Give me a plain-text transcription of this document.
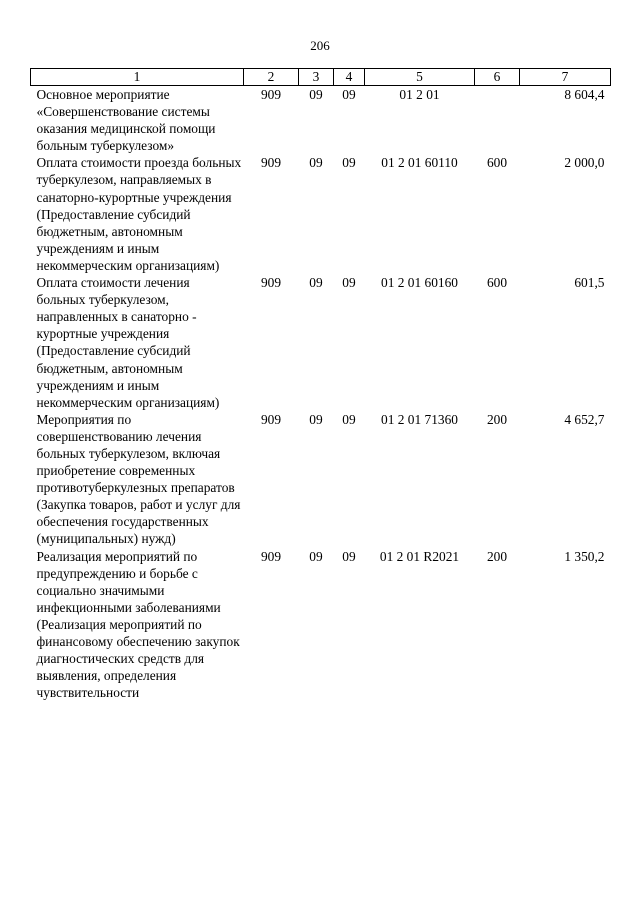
206
1	2	3	4	5	6	7
Основное мероприятие «Совершенствование системы оказания медицинской помощи больным туберкулезом»	909	09	09	01 2 01		8 604,4
Оплата стоимости проезда больных туберкулезом, направляемых в санаторно-курортные учреждения (Предоставление субсидий бюджетным, автономным учреждениям и иным некоммерческим организациям)	909	09	09	01 2 01 60110	600	2 000,0
Оплата стоимости лечения больных туберкулезом, направленных в санаторно - курортные учреждения (Предоставление субсидий бюджетным, автономным учреждениям и иным некоммерческим организациям)	909	09	09	01 2 01 60160	600	601,5
Мероприятия по совершенствованию лечения больных туберкулезом, включая приобретение современных противотуберкулезных препаратов (Закупка товаров, работ и услуг для обеспечения государственных (муниципальных) нужд)	909	09	09	01 2 01 71360	200	4 652,7
Реализация мероприятий по предупреждению и борьбе с социально значимыми инфекционными заболеваниями (Реализация мероприятий по финансовому обеспечению закупок диагностических средств для выявления, определения чувствительности	909	09	09	01 2 01 R2021	200	1 350,2
